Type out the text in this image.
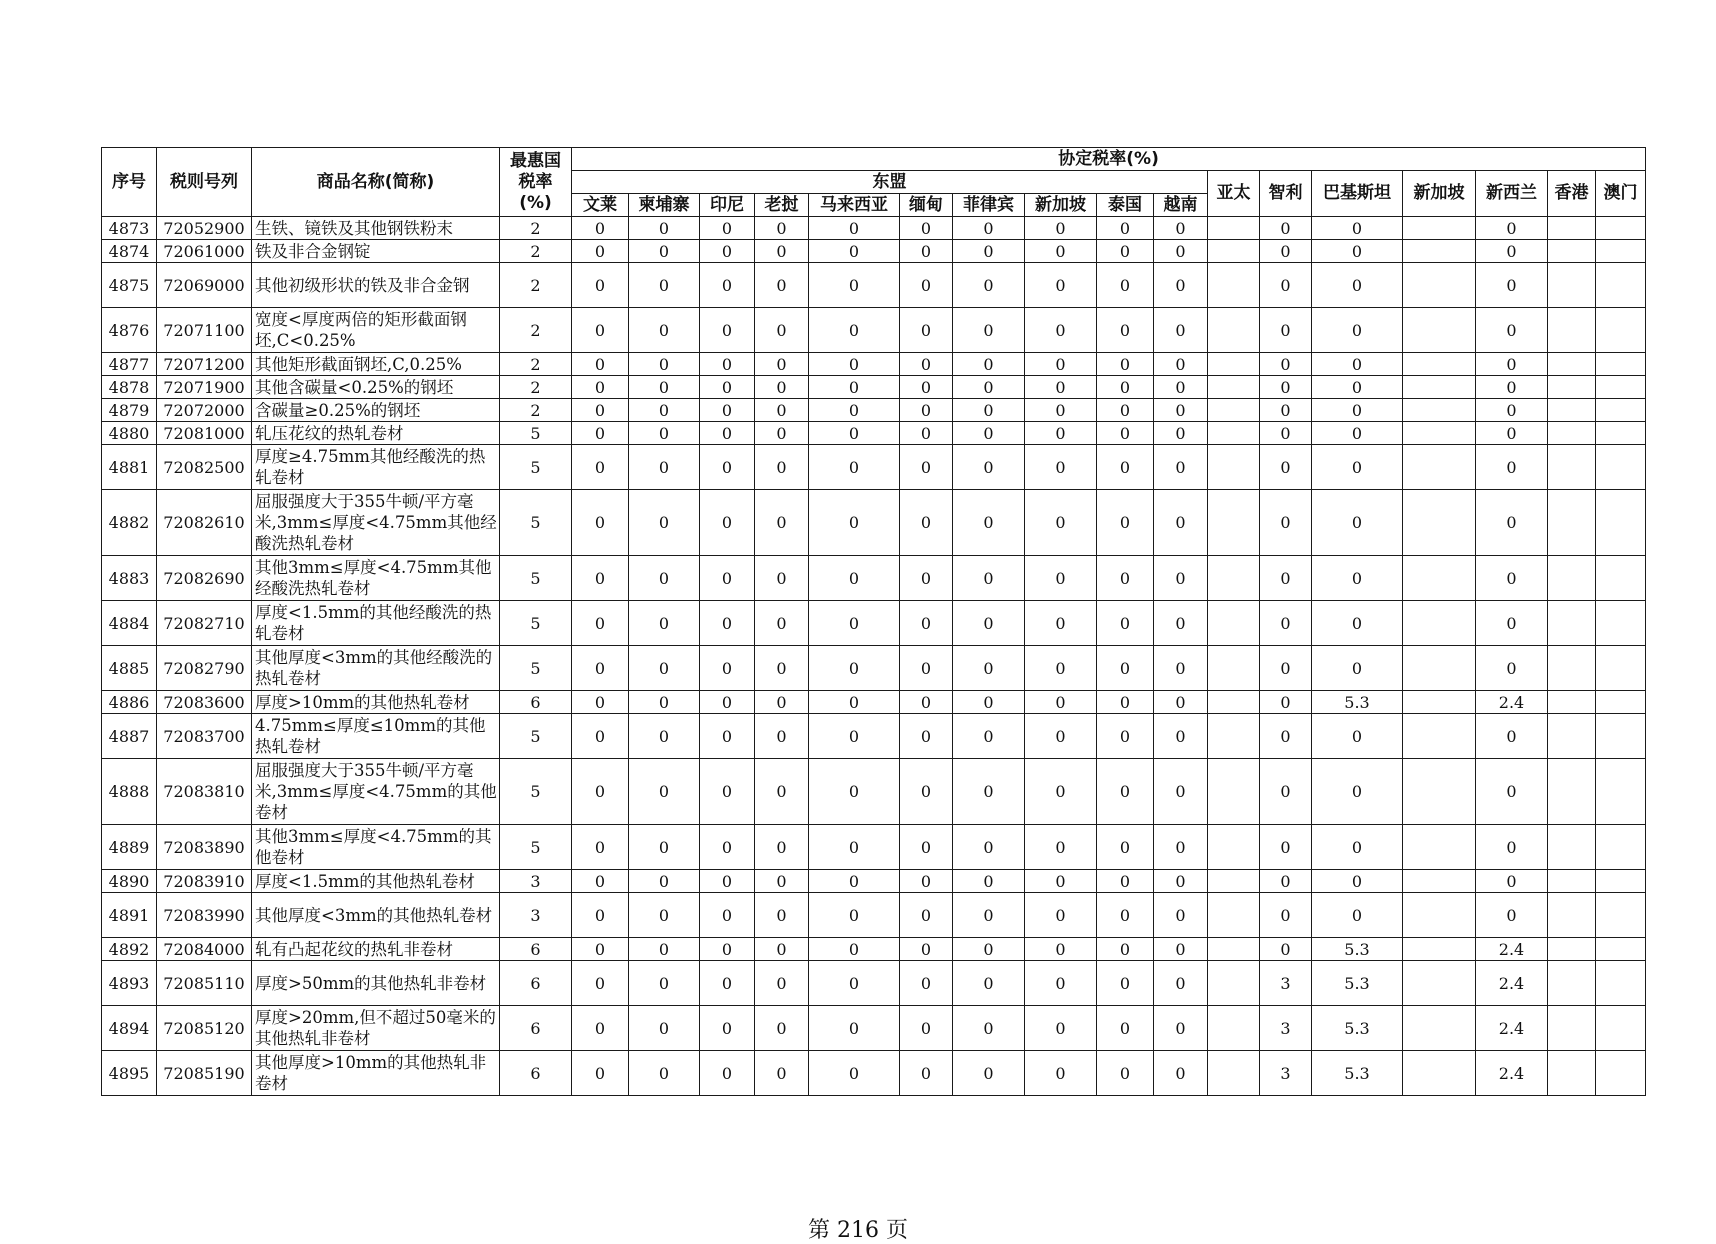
序号	税则号列	商品名称(简称)	最惠国税率(%)	协定税率(%)																
				东盟										亚太	智利	巴基斯坦	新加坡	新西兰	香港	澳门
				文莱	柬埔寨	印尼	老挝	马来西亚	缅甸	菲律宾	新加坡	泰国	越南							
4873	72052900	生铁、镜铁及其他钢铁粉末	2	0	0	0	0	0	0	0	0	0	0		0	0		0		
4874	72061000	铁及非合金钢锭	2	0	0	0	0	0	0	0	0	0	0		0	0		0		
4875	72069000	其他初级形状的铁及非合金钢	2	0	0	0	0	0	0	0	0	0	0		0	0		0		
4876	72071100	宽度<厚度两倍的矩形截面钢坯,C<0.25%	2	0	0	0	0	0	0	0	0	0	0		0	0		0		
4877	72071200	其他矩形截面钢坯,C,0.25%	2	0	0	0	0	0	0	0	0	0	0		0	0		0		
4878	72071900	其他含碳量<0.25%的钢坯	2	0	0	0	0	0	0	0	0	0	0		0	0		0		
4879	72072000	含碳量≥0.25%的钢坯	2	0	0	0	0	0	0	0	0	0	0		0	0		0		
4880	72081000	轧压花纹的热轧卷材	5	0	0	0	0	0	0	0	0	0	0		0	0		0		
4881	72082500	厚度≥4.75mm其他经酸洗的热轧卷材	5	0	0	0	0	0	0	0	0	0	0		0	0		0		
4882	72082610	屈服强度大于355牛顿/平方毫米,3mm≤厚度<4.75mm其他经酸洗热轧卷材	5	0	0	0	0	0	0	0	0	0	0		0	0		0		
4883	72082690	其他3mm≤厚度<4.75mm其他经酸洗热轧卷材	5	0	0	0	0	0	0	0	0	0	0		0	0		0		
4884	72082710	厚度<1.5mm的其他经酸洗的热轧卷材	5	0	0	0	0	0	0	0	0	0	0		0	0		0		
4885	72082790	其他厚度<3mm的其他经酸洗的热轧卷材	5	0	0	0	0	0	0	0	0	0	0		0	0		0		
4886	72083600	厚度>10mm的其他热轧卷材	6	0	0	0	0	0	0	0	0	0	0		0	5.3		2.4		
4887	72083700	4.75mm≤厚度≤10mm的其他热轧卷材	5	0	0	0	0	0	0	0	0	0	0		0	0		0		
4888	72083810	屈服强度大于355牛顿/平方毫米,3mm≤厚度<4.75mm的其他卷材	5	0	0	0	0	0	0	0	0	0	0		0	0		0		
4889	72083890	其他3mm≤厚度<4.75mm的其他卷材	5	0	0	0	0	0	0	0	0	0	0		0	0		0		
4890	72083910	厚度<1.5mm的其他热轧卷材	3	0	0	0	0	0	0	0	0	0	0		0	0		0		
4891	72083990	其他厚度<3mm的其他热轧卷材	3	0	0	0	0	0	0	0	0	0	0		0	0		0		
4892	72084000	轧有凸起花纹的热轧非卷材	6	0	0	0	0	0	0	0	0	0	0		0	5.3		2.4		
4893	72085110	厚度>50mm的其他热轧非卷材	6	0	0	0	0	0	0	0	0	0	0		3	5.3		2.4		
4894	72085120	厚度>20mm,但不超过50毫米的其他热轧非卷材	6	0	0	0	0	0	0	0	0	0	0		3	5.3		2.4		
4895	72085190	其他厚度>10mm的其他热轧非卷材	6	0	0	0	0	0	0	0	0	0	0		3	5.3		2.4		
第 216 页
